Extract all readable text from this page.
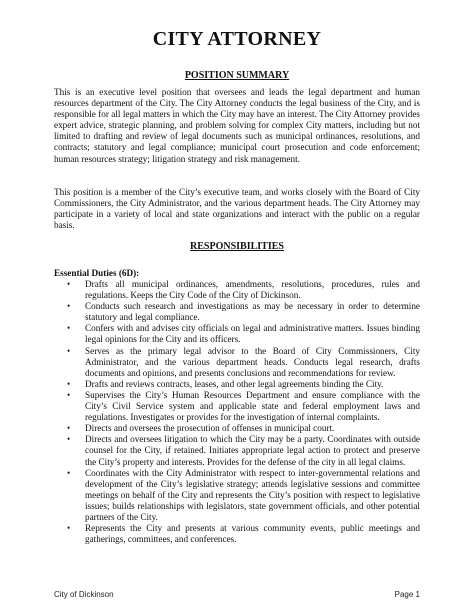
CITY ATTORNEY
POSITION SUMMARY

This is an executive level position that oversees and leads the legal department and human resources department of the City. The City Attorney conducts the legal business of the City, and is responsible for all legal matters in which the City may have an interest. The City Attorney provides expert advice, strategic planning, and problem solving for complex City matters, including but not limited to drafting and review of legal documents such as municipal ordinances, resolutions, and contracts; statutory and legal compliance; municipal court prosecution and code enforcement; human resources strategy; litigation strategy and risk management.

This position is a member of the City’s executive team, and works closely with the Board of City Commissioners, the City Administrator, and the various department heads. The City Attorney may participate in a variety of local and state organizations and interact with the public on a regular basis.

RESPONSIBILITIES
Essential Duties (6D):
• Drafts all municipal ordinances, amendments, resolutions, procedures, rules and regulations. Keeps the City Code of the City of Dickinson.
• Conducts such research and investigations as may be necessary in order to determine statutory and legal compliance.
• Confers with and advises city officials on legal and administrative matters. Issues binding legal opinions for the City and its officers.
• Serves as the primary legal advisor to the Board of City Commissioners, City Administrator, and the various department heads. Conducts legal research, drafts documents and opinions, and presents conclusions and recommendations for review.
• Drafts and reviews contracts, leases, and other legal agreements binding the City.
• Supervises the City’s Human Resources Department and ensure compliance with the City’s Civil Service system and applicable state and federal employment laws and regulations. Investigates or provides for the investigation of internal complaints.
• Directs and oversees the prosecution of offenses in municipal court.
• Directs and oversees litigation to which the City may be a party. Coordinates with outside counsel for the City, if retained. Initiates appropriate legal action to protect and preserve the City’s property and interests. Provides for the defense of the city in all legal claims.
• Coordinates with the City Administrator with respect to inter-governmental relations and development of the City’s legislative strategy; attends legislative sessions and committee meetings on behalf of the City and represents the City’s position with respect to legislative issues; builds relationships with legislators, state government officials, and other potential partners of the City.
• Represents the City and presents at various community events, public meetings and gatherings, committees, and conferences.
City of Dickinson	Page 1
